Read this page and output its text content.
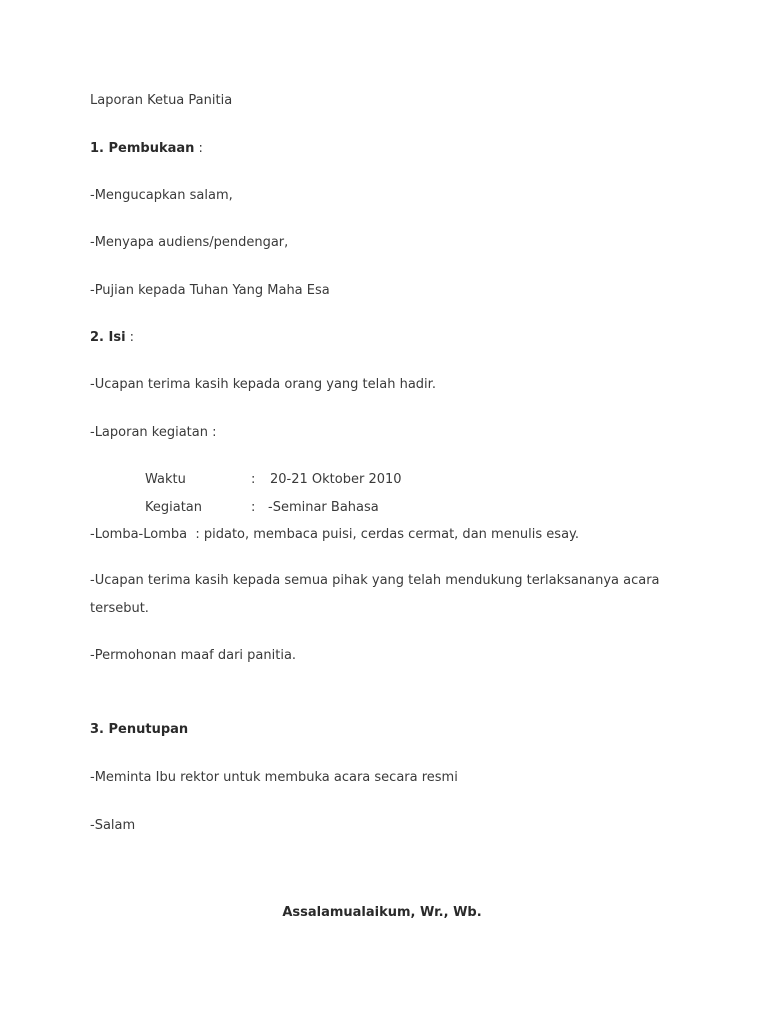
Laporan Ketua Panitia
1. Pembukaan :
-Mengucapkan salam,
-Menyapa audiens/pendengar,
-Pujian kepada Tuhan Yang Maha Esa
2. Isi :
-Ucapan terima kasih kepada orang yang telah hadir.
-Laporan kegiatan :
Waktu	: 20-21 Oktober 2010
Kegiatan	: -Seminar Bahasa
-Lomba-Lomba  : pidato, membaca puisi, cerdas cermat, dan menulis esay.
-Ucapan terima kasih kepada semua pihak yang telah mendukung terlaksananya acara
tersebut.
-Permohonan maaf dari panitia.
3. Penutupan
-Meminta Ibu rektor untuk membuka acara secara resmi
-Salam
Assalamualaikum, Wr., Wb.
